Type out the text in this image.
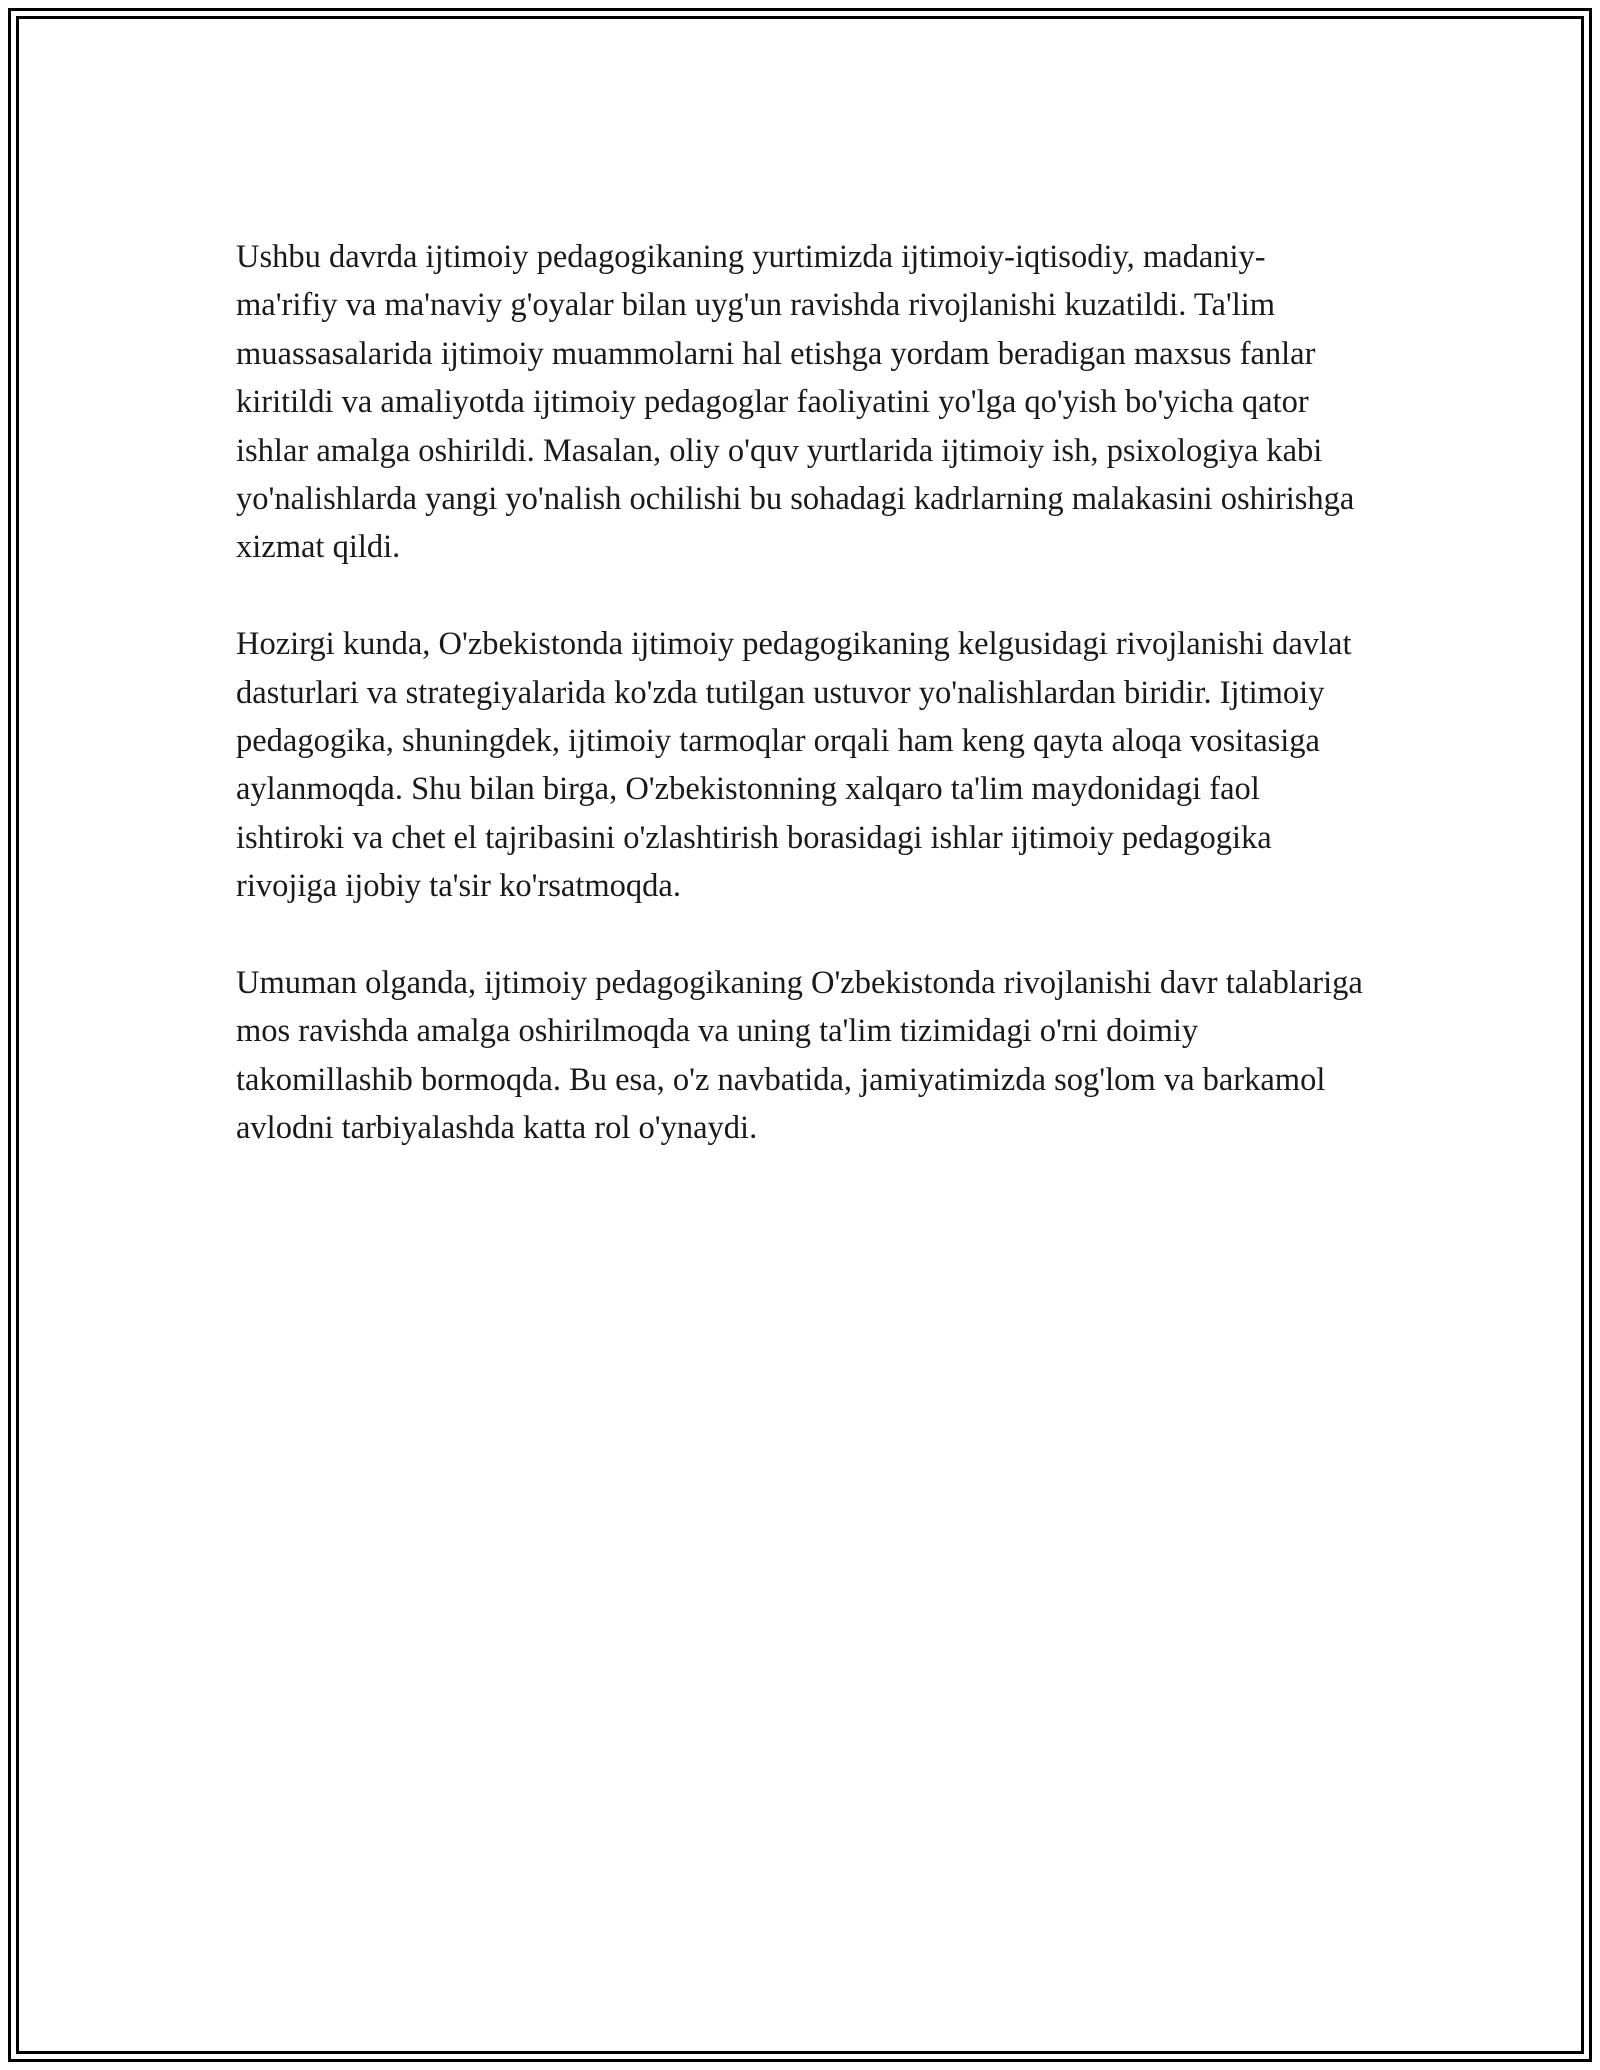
Ushbu davrda ijtimoiy pedagogikaning yurtimizda ijtimoiy-iqtisodiy, madaniy-ma'rifiy va ma'naviy g'oyalar bilan uyg'un ravishda rivojlanishi kuzatildi. Ta'lim muassasalarida ijtimoiy muammolarni hal etishga yordam beradigan maxsus fanlar kiritildi va amaliyotda ijtimoiy pedagoglar faoliyatini yo'lga qo'yish bo'yicha qator ishlar amalga oshirildi. Masalan, oliy o'quv yurtlarida ijtimoiy ish, psixologiya kabi yo'nalishlarda yangi yo'nalish ochilishi bu sohadagi kadrlarning malakasini oshirishga xizmat qildi.

Hozirgi kunda, O'zbekistonda ijtimoiy pedagogikaning kelgusidagi rivojlanishi davlat dasturlari va strategiyalarida ko'zda tutilgan ustuvor yo'nalishlardan biridir. Ijtimoiy pedagogika, shuningdek, ijtimoiy tarmoqlar orqali ham keng qayta aloqa vositasiga aylanmoqda. Shu bilan birga, O'zbekistonning xalqaro ta'lim maydonidagi faol ishtiroki va chet el tajribasini o'zlashtirish borasidagi ishlar ijtimoiy pedagogika rivojiga ijobiy ta'sir ko'rsatmoqda.

Umuman olganda, ijtimoiy pedagogikaning O'zbekistonda rivojlanishi davr talablariga mos ravishda amalga oshirilmoqda va uning ta'lim tizimidagi o'rni doimiy takomillashib bormoqda. Bu esa, o'z navbatida, jamiyatimizda sog'lom va barkamol avlodni tarbiyalashda katta rol o'ynaydi.
